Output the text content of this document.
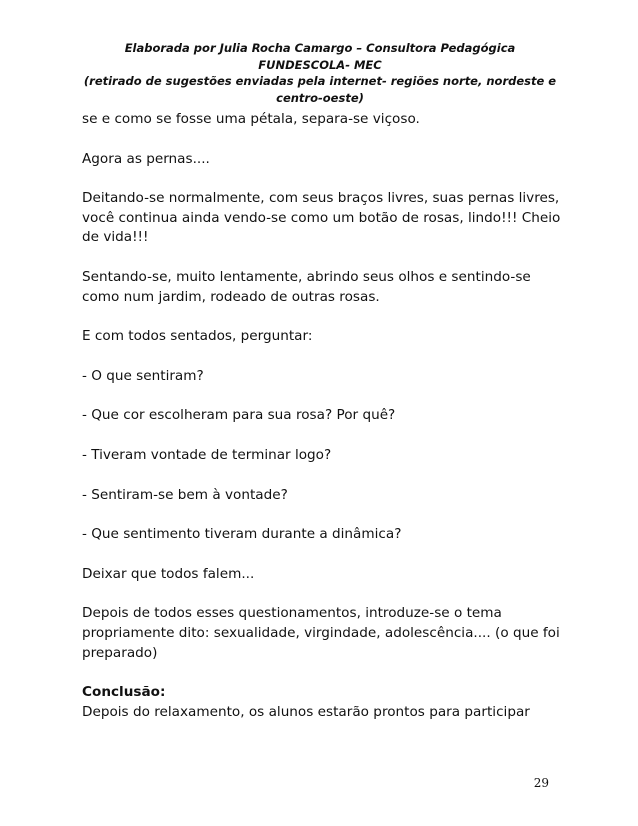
Elaborada por Julia Rocha Camargo – Consultora Pedagógica
FUNDESCOLA- MEC
(retirado de sugestões enviadas pela internet- regiões norte, nordeste e
centro-oeste)

se e como se fosse uma pétala, separa-se viçoso.

Agora as pernas....

Deitando-se normalmente, com seus braços livres, suas pernas livres, você continua ainda vendo-se como um botão de rosas, lindo!!! Cheio de vida!!!

Sentando-se, muito lentamente, abrindo seus olhos e sentindo-se como num jardim, rodeado de outras rosas.

E com todos sentados, perguntar:

- O que sentiram?

- Que cor escolheram para sua rosa? Por quê?

- Tiveram vontade de terminar logo?

- Sentiram-se bem à vontade?

- Que sentimento tiveram durante a dinâmica?

Deixar que todos falem...

Depois de todos esses questionamentos, introduze-se o tema propriamente dito: sexualidade, virgindade, adolescência.... (o que foi preparado)

Conclusão:
Depois do relaxamento, os alunos estarão prontos para participar

29
